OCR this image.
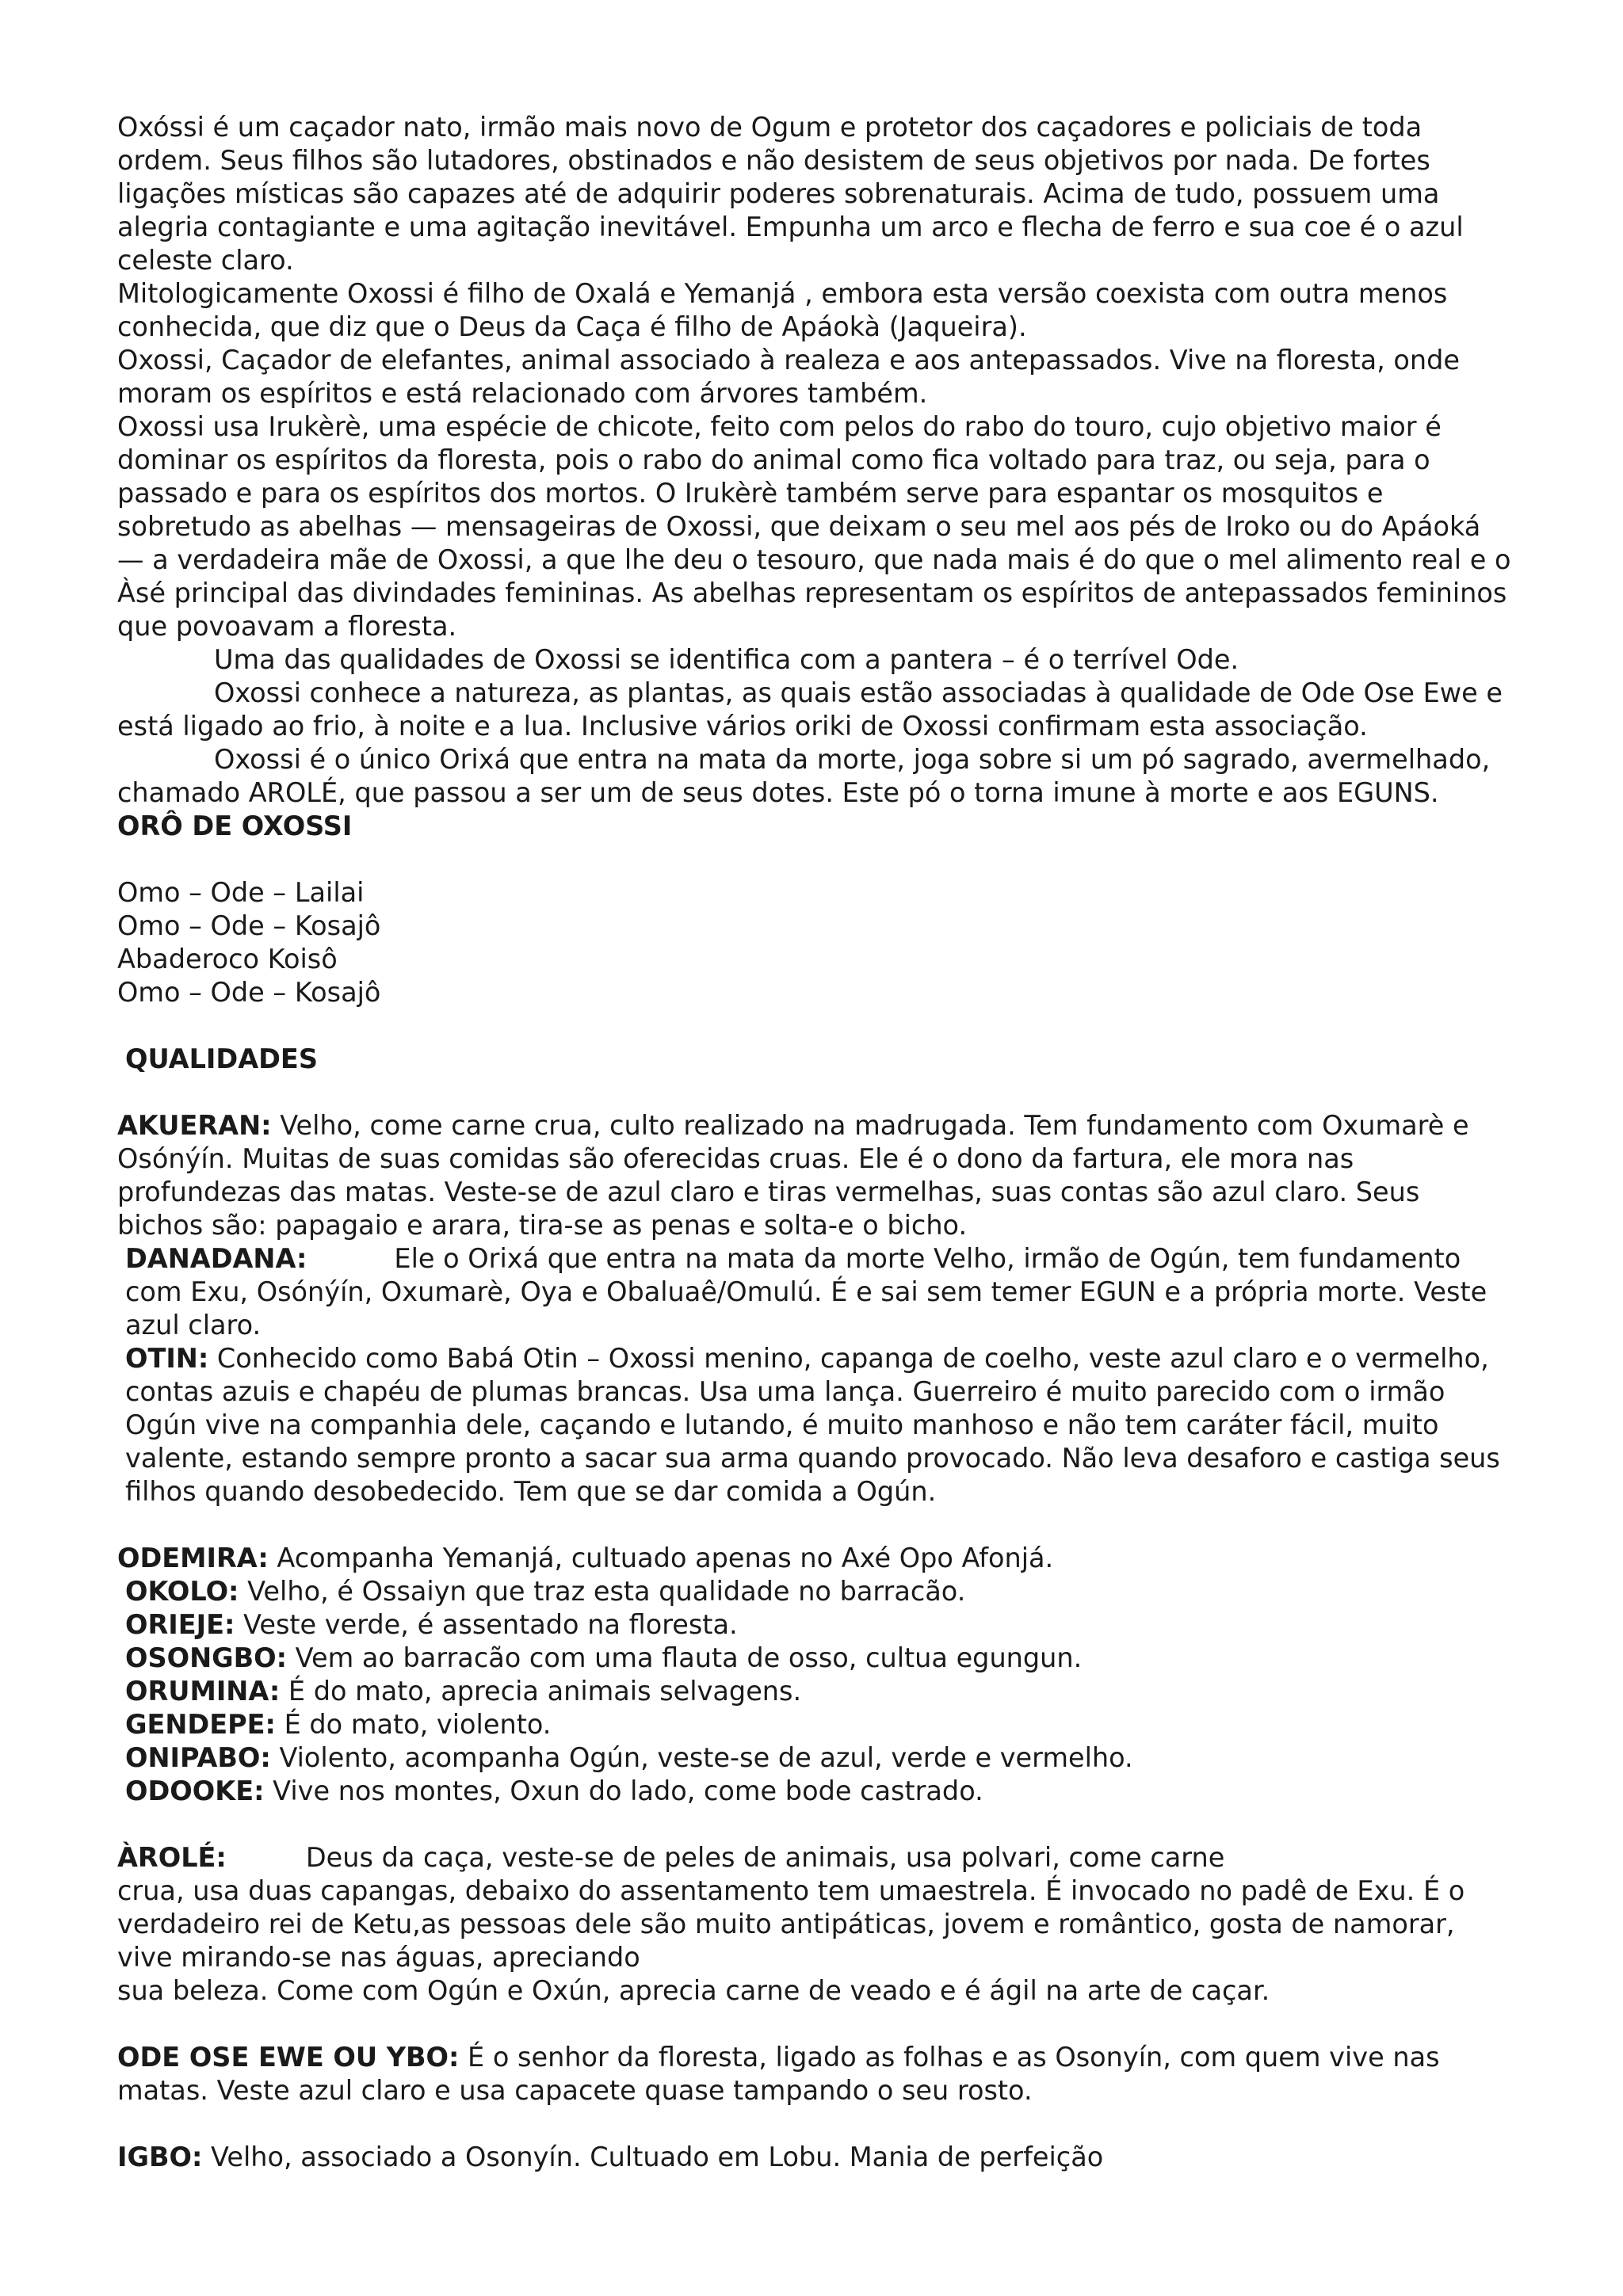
Oxóssi é um caçador nato, irmão mais novo de Ogum e protetor dos caçadores e policiais de toda ordem. Seus filhos são lutadores, obstinados e não desistem de seus objetivos por nada. De fortes ligações místicas são capazes até de adquirir poderes sobrenaturais. Acima de tudo, possuem uma alegria contagiante e uma agitação inevitável. Empunha um arco e flecha de ferro e sua coe é o azul celeste claro.

Mitologicamente Oxossi é filho de Oxalá e Yemanjá , embora esta versão coexista com outra menos conhecida, que diz que o Deus da Caça é filho de Apáokà (Jaqueira).

Oxossi, Caçador de elefantes, animal associado à realeza e aos antepassados. Vive na floresta, onde moram os espíritos e está relacionado com árvores também.

Oxossi usa Irukèrè, uma espécie de chicote, feito com pelos do rabo do touro, cujo objetivo maior é dominar os espíritos da floresta, pois o rabo do animal como fica voltado para traz, ou seja, para o passado e para os espíritos dos mortos. O Irukèrè também serve para espantar os mosquitos e sobretudo as abelhas — mensageiras de Oxossi, que deixam o seu mel aos pés de Iroko ou do Apáoká — a verdadeira mãe de Oxossi, a que lhe deu o tesouro, que nada mais é do que o mel alimento real e o Àsé principal das divindades femininas. As abelhas representam os espíritos de antepassados femininos que povoavam a floresta.

Uma das qualidades de Oxossi se identifica com a pantera – é o terrível Ode.

Oxossi conhece a natureza, as plantas, as quais estão associadas à qualidade de Ode Ose Ewe e está ligado ao frio, à noite e a lua. Inclusive vários oriki de Oxossi confirmam esta associação.

Oxossi é o único Orixá que entra na mata da morte, joga sobre si um pó sagrado, avermelhado, chamado AROLÉ, que passou a ser um de seus dotes. Este pó o torna imune à morte e aos EGUNS.

ORÔ DE OXOSSI

Omo – Ode – Lailai

Omo – Ode – Kosajô

Abaderoco Koisô

Omo – Ode – Kosajô

QUALIDADES

AKUERAN: Velho, come carne crua, culto realizado na madrugada. Tem fundamento com Oxumarè e Osónýín. Muitas de suas comidas são oferecidas cruas. Ele é o dono da fartura, ele mora nas profundezas das matas. Veste-se de azul claro e tiras vermelhas, suas contas são azul claro. Seus bichos são: papagaio e arara, tira-se as penas e solta-e o bicho.

DANADANA:	Ele o Orixá que entra na mata da morte Velho, irmão de Ogún, tem fundamento com Exu, Osónýín, Oxumarè, Oya e Obaluaê/Omulú. É e sai sem temer EGUN e a própria morte. Veste azul claro.

OTIN: Conhecido como Babá Otin – Oxossi menino, capanga de coelho, veste azul claro e o vermelho, contas azuis e chapéu de plumas brancas. Usa uma lança. Guerreiro é muito parecido com o irmão Ogún vive na companhia dele, caçando e lutando, é muito manhoso e não tem caráter fácil, muito valente, estando sempre pronto a sacar sua arma quando provocado. Não leva desaforo e castiga seus filhos quando desobedecido. Tem que se dar comida a Ogún.

ODEMIRA: Acompanha Yemanjá, cultuado apenas no Axé Opo Afonjá.

OKOLO: Velho, é Ossaiyn que traz esta qualidade no barracão.

ORIEJE: Veste verde, é assentado na floresta.

OSONGBO: Vem ao barracão com uma flauta de osso, cultua egungun.

ORUMINA: É do mato, aprecia animais selvagens.

GENDEPE: É do mato, violento.

ONIPABO: Violento, acompanha Ogún, veste-se de azul, verde e vermelho.

ODOOKE: Vive nos montes, Oxun do lado, come bode castrado.

ÀROLÉ:	Deus da caça, veste-se de peles de animais, usa polvari, come carne

crua, usa duas capangas, debaixo do assentamento tem umaestrela. É invocado no padê de Exu. É o verdadeiro rei de Ketu,as pessoas dele são muito antipáticas, jovem e romântico, gosta de namorar, vive mirando-se nas águas, apreciando

sua beleza. Come com Ogún e Oxún, aprecia carne de veado e é ágil na arte de caçar.

ODE OSE EWE OU YBO: É o senhor da floresta, ligado as folhas e as Osonyín, com quem vive nas matas. Veste azul claro e usa capacete quase tampando o seu rosto.

IGBO: Velho, associado a Osonyín. Cultuado em Lobu. Mania de perfeição
